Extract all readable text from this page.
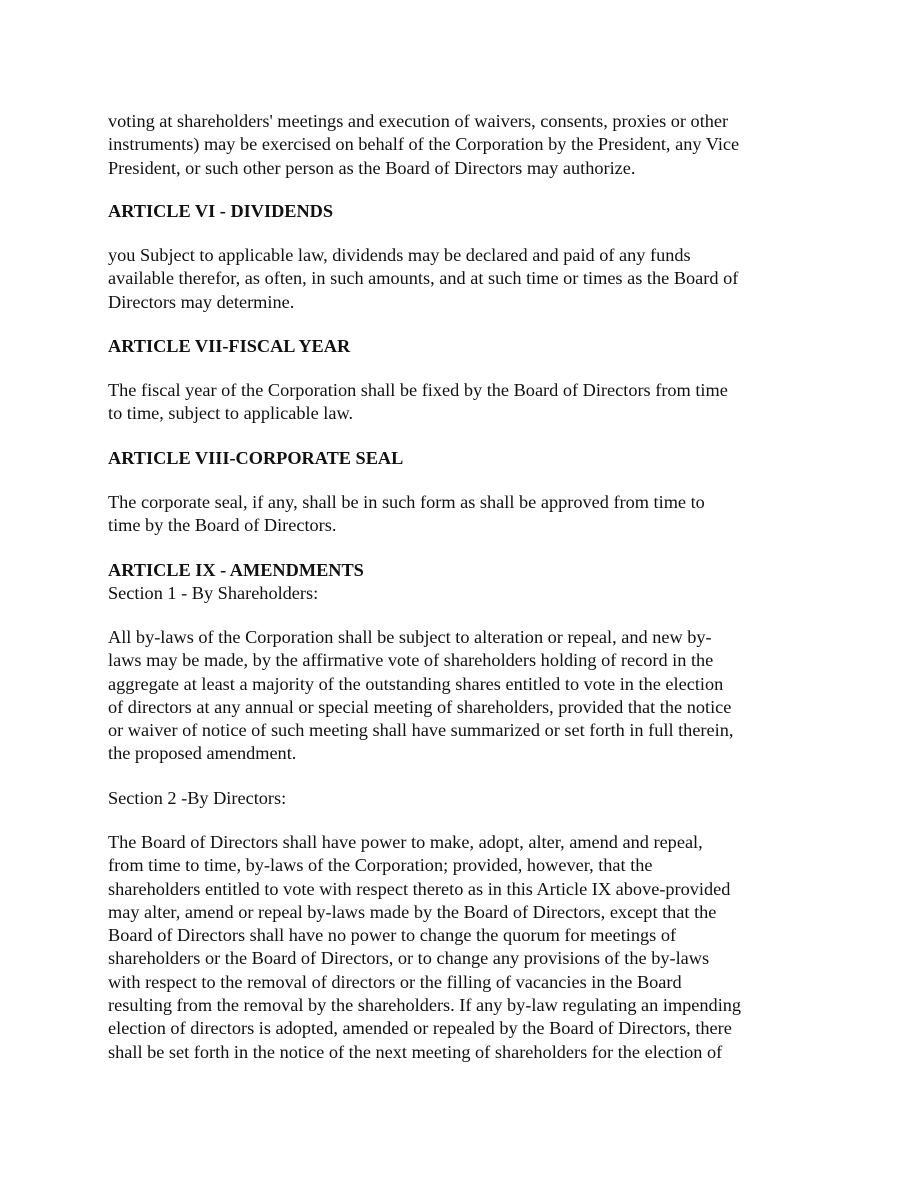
voting at shareholders' meetings and execution of waivers, consents, proxies or other
instruments) may be exercised on behalf of the Corporation by the President, any Vice
President, or such other person as the Board of Directors may authorize.
ARTICLE VI - DIVIDENDS
you Subject to applicable law, dividends may be declared and paid of any funds
available therefor, as often, in such amounts, and at such time or times as the Board of
Directors may determine.
ARTICLE VII-FISCAL YEAR
The fiscal year of the Corporation shall be fixed by the Board of Directors from time
to time, subject to applicable law.
ARTICLE VIII-CORPORATE SEAL
The corporate seal, if any, shall be in such form as shall be approved from time to
time by the Board of Directors.
ARTICLE IX - AMENDMENTS
Section 1 - By Shareholders:
All by-laws of the Corporation shall be subject to alteration or repeal, and new by-
laws may be made, by the affirmative vote of shareholders holding of record in the
aggregate at least a majority of the outstanding shares entitled to vote in the election
of directors at any annual or special meeting of shareholders, provided that the notice
or waiver of notice of such meeting shall have summarized or set forth in full therein,
the proposed amendment.
Section 2 -By Directors:
The Board of Directors shall have power to make, adopt, alter, amend and repeal,
from time to time, by-laws of the Corporation; provided, however, that the
shareholders entitled to vote with respect thereto as in this Article IX above-provided
may alter, amend or repeal by-laws made by the Board of Directors, except that the
Board of Directors shall have no power to change the quorum for meetings of
shareholders or the Board of Directors, or to change any provisions of the by-laws
with respect to the removal of directors or the filling of vacancies in the Board
resulting from the removal by the shareholders. If any by-law regulating an impending
election of directors is adopted, amended or repealed by the Board of Directors, there
shall be set forth in the notice of the next meeting of shareholders for the election of
